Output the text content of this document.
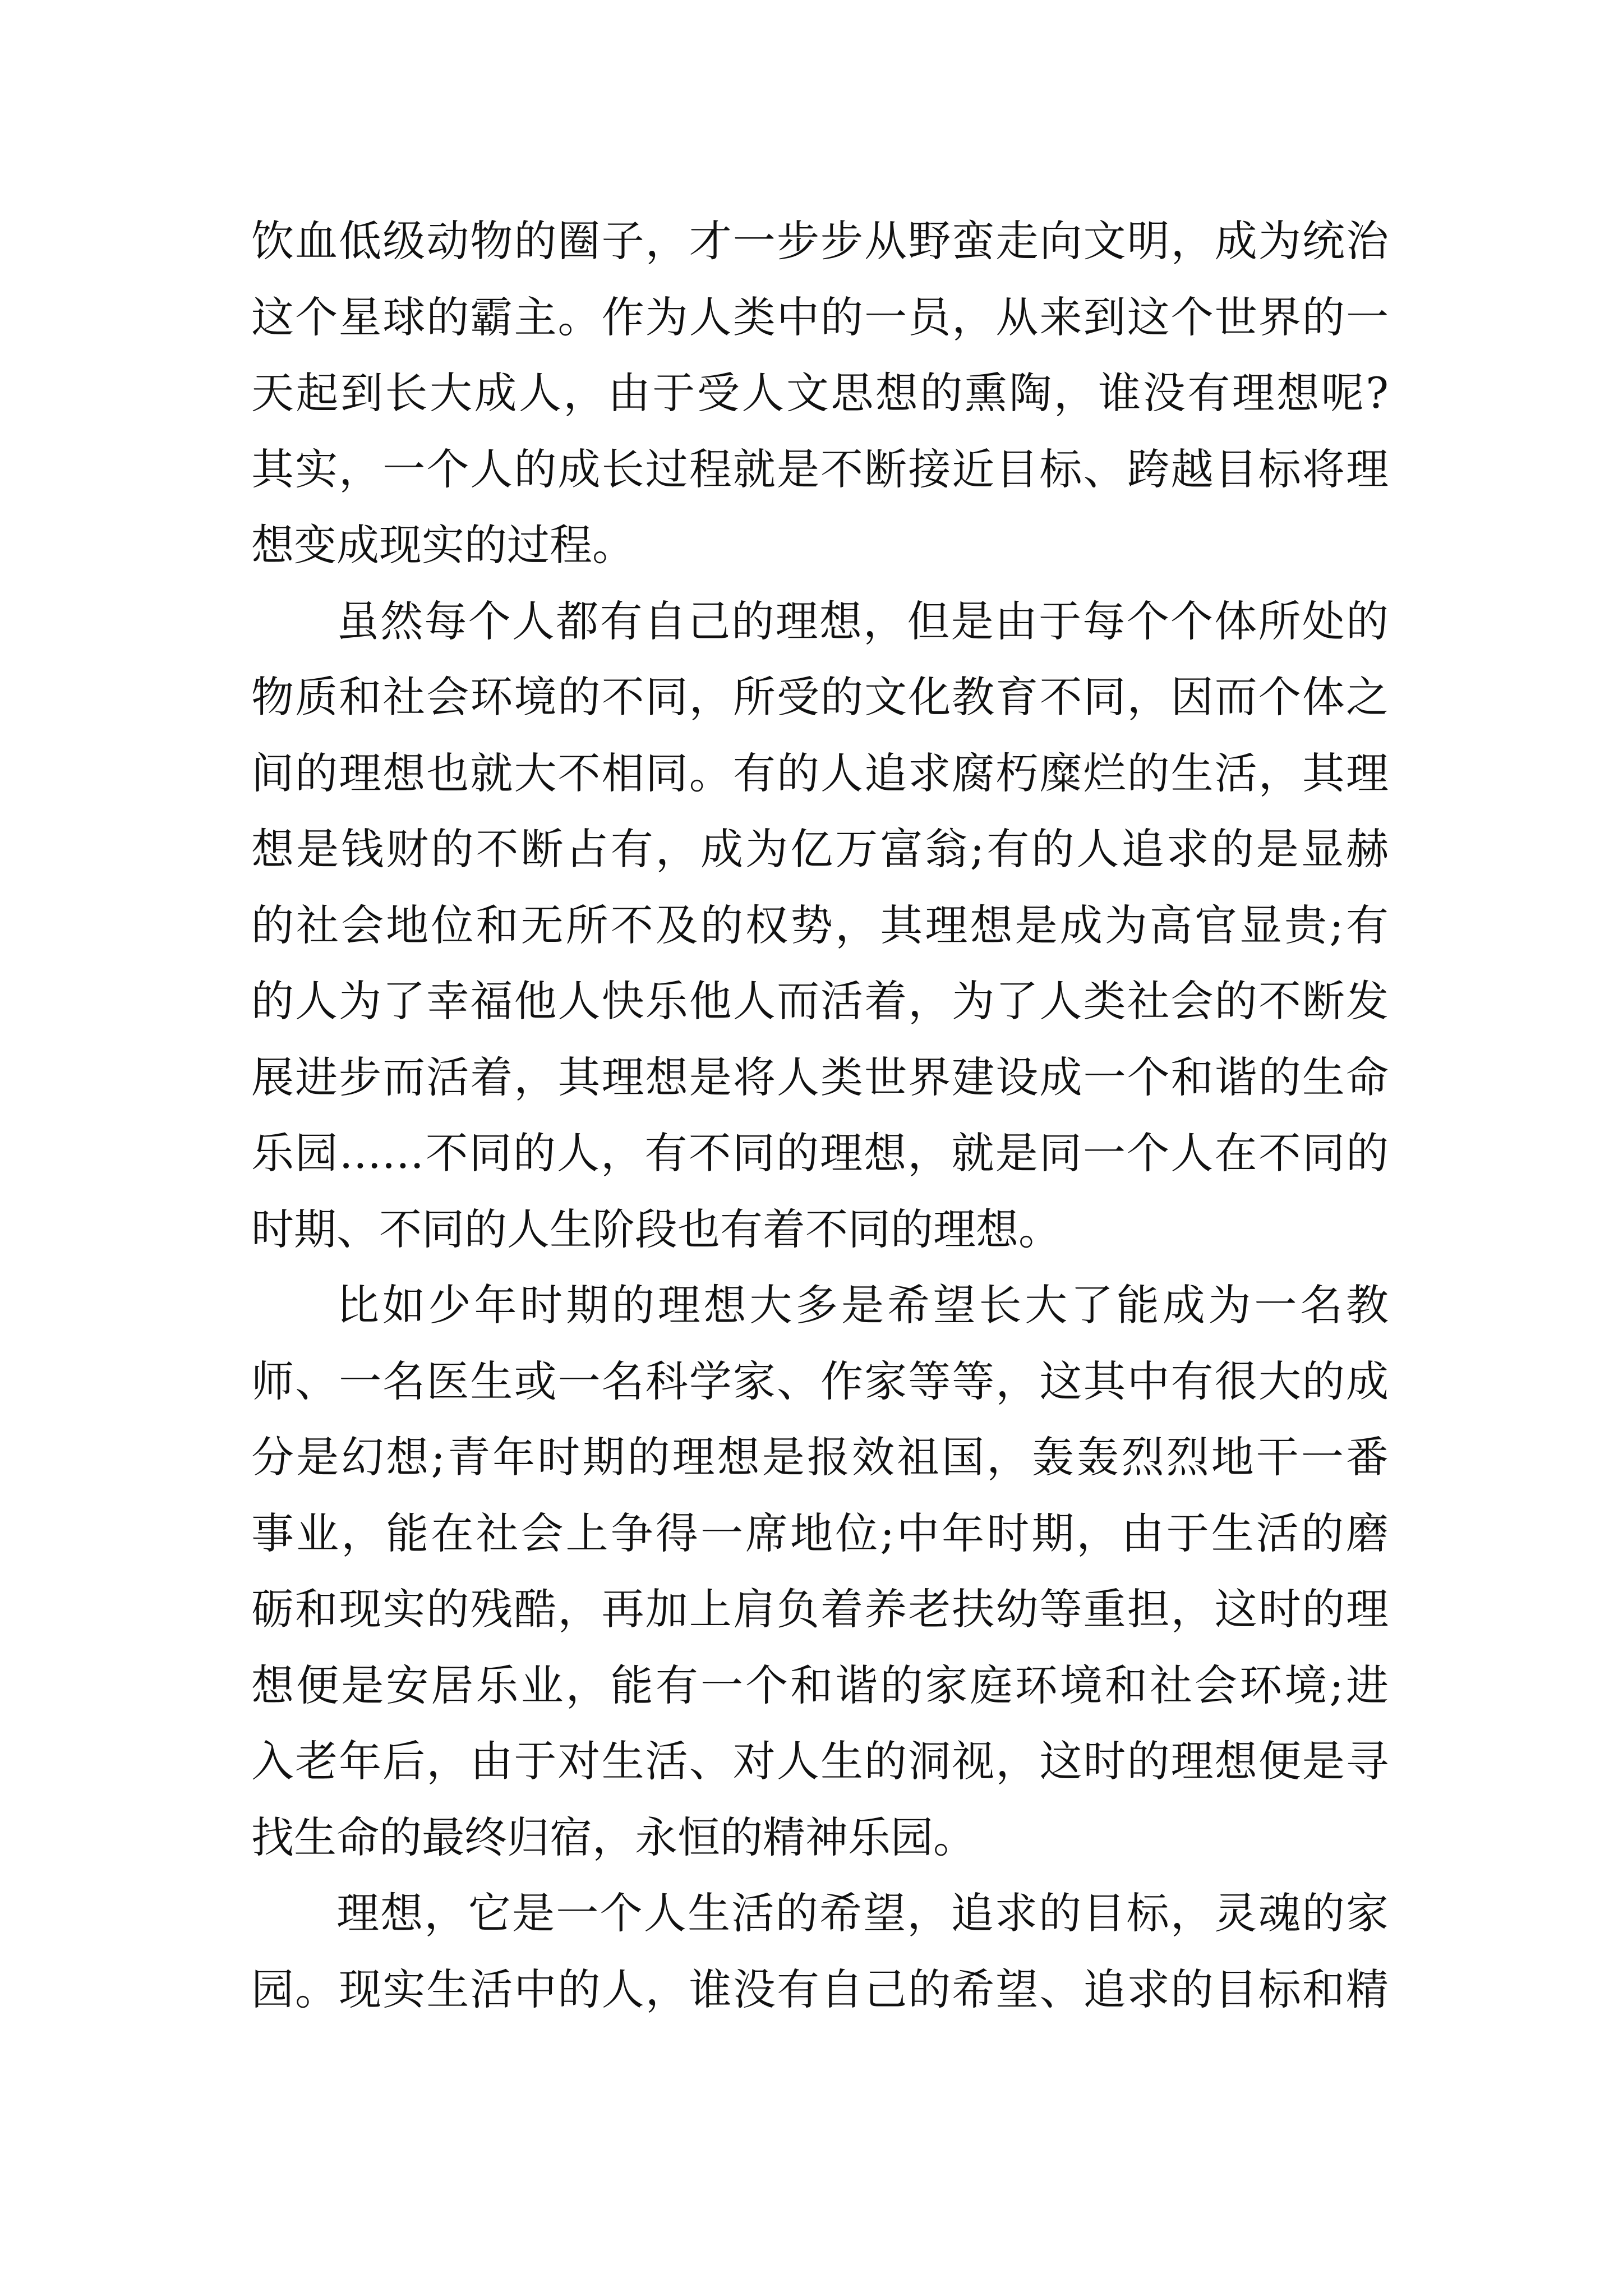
饮血低级动物的圈子，才一步步从野蛮走向文明，成为统治
这个星球的霸主。作为人类中的一员，从来到这个世界的一
天起到长大成人，由于受人文思想的熏陶，谁没有理想呢?
其实，一个人的成长过程就是不断接近目标、跨越目标将理
想变成现实的过程。
虽然每个人都有自己的理想，但是由于每个个体所处的
物质和社会环境的不同，所受的文化教育不同，因而个体之
间的理想也就大不相同。有的人追求腐朽糜烂的生活，其理
想是钱财的不断占有，成为亿万富翁;有的人追求的是显赫
的社会地位和无所不及的权势，其理想是成为高官显贵;有
的人为了幸福他人快乐他人而活着，为了人类社会的不断发
展进步而活着，其理想是将人类世界建设成一个和谐的生命
乐园……不同的人，有不同的理想，就是同一个人在不同的
时期、不同的人生阶段也有着不同的理想。
比如少年时期的理想大多是希望长大了能成为一名教
师、一名医生或一名科学家、作家等等，这其中有很大的成
分是幻想;青年时期的理想是报效祖国，轰轰烈烈地干一番
事业，能在社会上争得一席地位;中年时期，由于生活的磨
砺和现实的残酷，再加上肩负着养老扶幼等重担，这时的理
想便是安居乐业，能有一个和谐的家庭环境和社会环境;进
入老年后，由于对生活、对人生的洞视，这时的理想便是寻
找生命的最终归宿，永恒的精神乐园。
理想，它是一个人生活的希望，追求的目标，灵魂的家
园。现实生活中的人，谁没有自己的希望、追求的目标和精
